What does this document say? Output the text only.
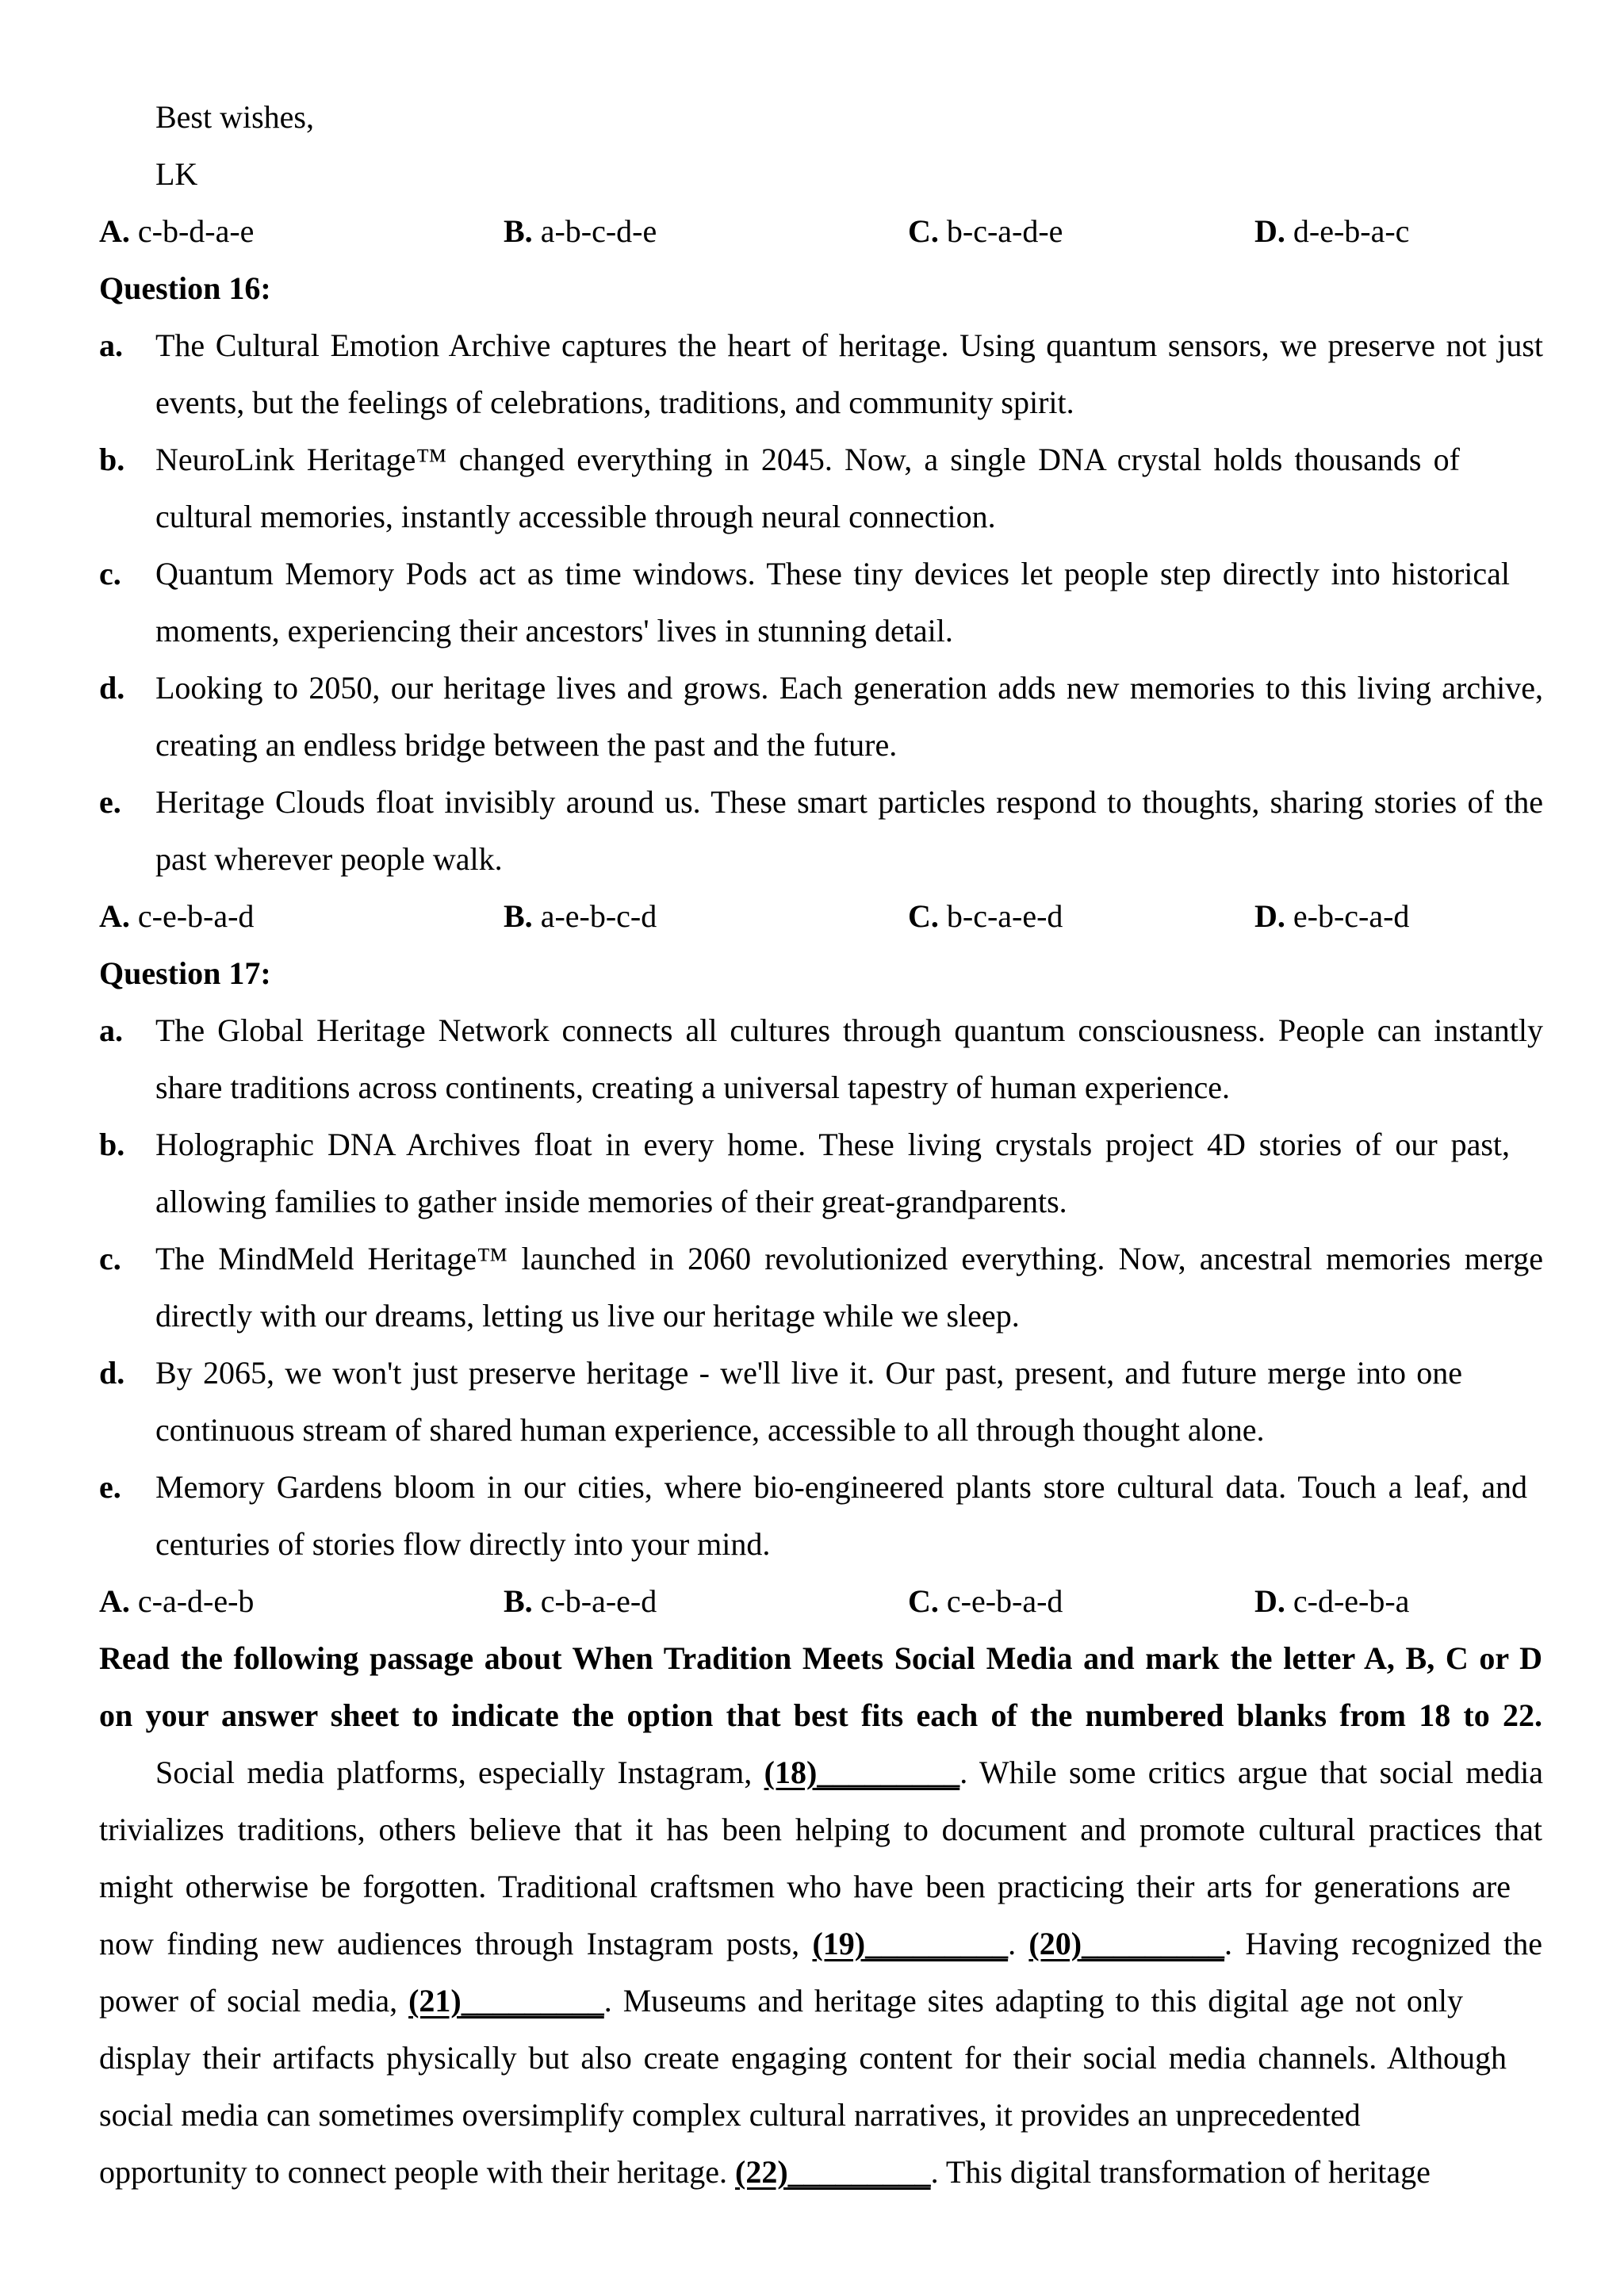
Best wishes,
LK
A. c-b-d-a-e	B. a-b-c-d-e	C. b-c-a-d-e	D. d-e-b-a-c
Question 16:
a. The Cultural Emotion Archive captures the heart of heritage. Using quantum sensors, we preserve not just
events, but the feelings of celebrations, traditions, and community spirit.
b. NeuroLink Heritage™ changed everything in 2045. Now, a single DNA crystal holds thousands of
cultural memories, instantly accessible through neural connection.
c. Quantum Memory Pods act as time windows. These tiny devices let people step directly into historical
moments, experiencing their ancestors' lives in stunning detail.
d. Looking to 2050, our heritage lives and grows. Each generation adds new memories to this living archive,
creating an endless bridge between the past and the future.
e. Heritage Clouds float invisibly around us. These smart particles respond to thoughts, sharing stories of the
past wherever people walk.
A. c-e-b-a-d	B. a-e-b-c-d	C. b-c-a-e-d	D. e-b-c-a-d
Question 17:
a. The Global Heritage Network connects all cultures through quantum consciousness. People can instantly
share traditions across continents, creating a universal tapestry of human experience.
b. Holographic DNA Archives float in every home. These living crystals project 4D stories of our past,
allowing families to gather inside memories of their great-grandparents.
c. The MindMeld Heritage™ launched in 2060 revolutionized everything. Now, ancestral memories merge
directly with our dreams, letting us live our heritage while we sleep.
d. By 2065, we won't just preserve heritage - we'll live it. Our past, present, and future merge into one
continuous stream of shared human experience, accessible to all through thought alone.
e. Memory Gardens bloom in our cities, where bio-engineered plants store cultural data. Touch a leaf, and
centuries of stories flow directly into your mind.
A. c-a-d-e-b	B. c-b-a-e-d	C. c-e-b-a-d	D. c-d-e-b-a
Read the following passage about When Tradition Meets Social Media and mark the letter A, B, C or D
on your answer sheet to indicate the option that best fits each of the numbered blanks from 18 to 22.
Social media platforms, especially Instagram, (18)_________. While some critics argue that social media
trivializes traditions, others believe that it has been helping to document and promote cultural practices that
might otherwise be forgotten. Traditional craftsmen who have been practicing their arts for generations are
now finding new audiences through Instagram posts, (19)_________. (20)_________. Having recognized the
power of social media, (21)_________. Museums and heritage sites adapting to this digital age not only
display their artifacts physically but also create engaging content for their social media channels. Although
social media can sometimes oversimplify complex cultural narratives, it provides an unprecedented
opportunity to connect people with their heritage. (22)_________. This digital transformation of heritage
